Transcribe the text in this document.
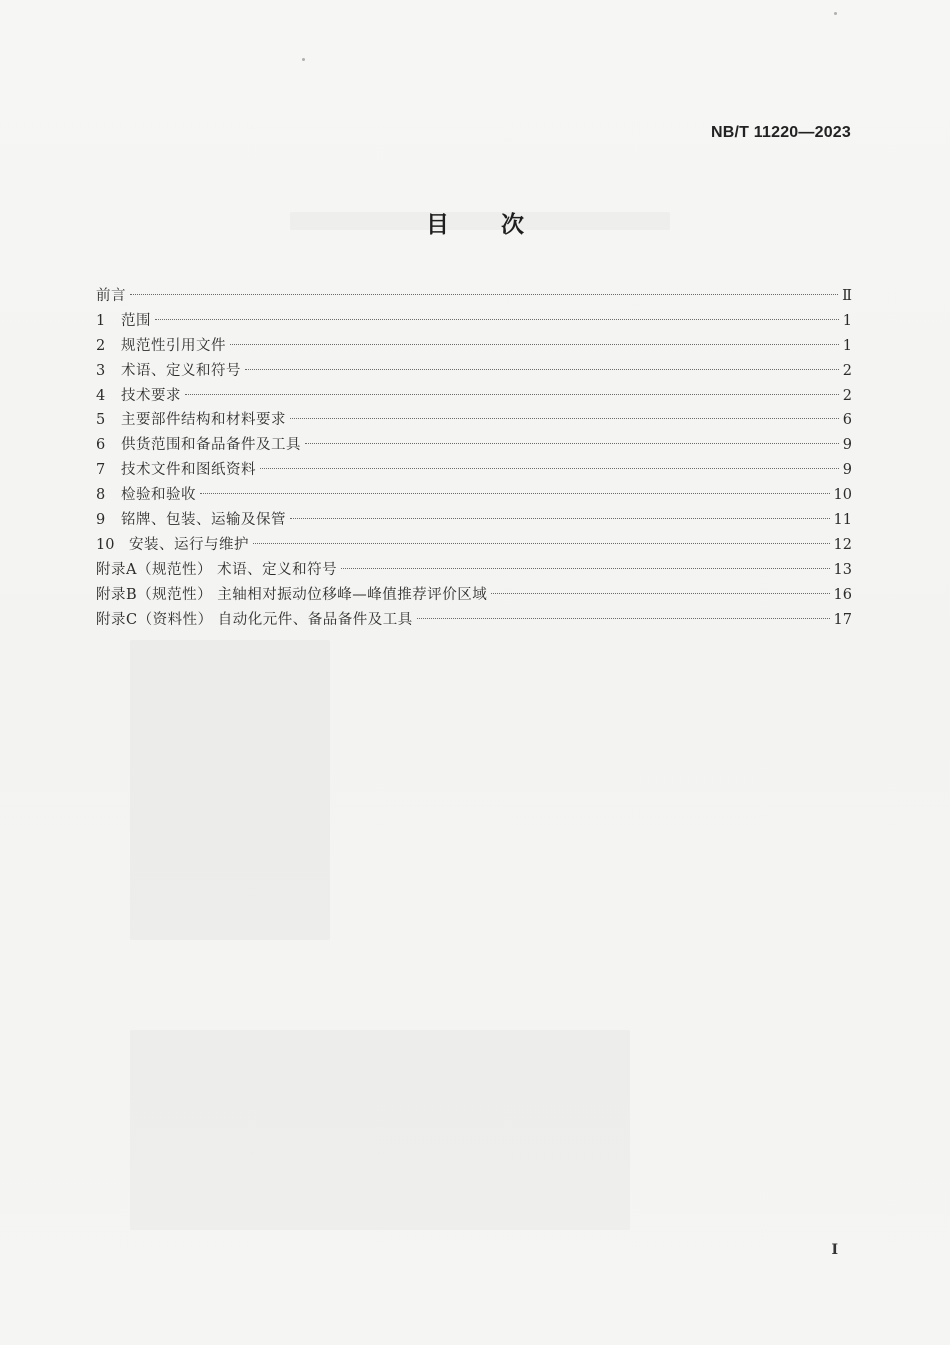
NB/T 11220—2023
目次
前言	Ⅱ
1	范围	1
2	规范性引用文件	1
3	术语、定义和符号	2
4	技术要求	2
5	主要部件结构和材料要求	6
6	供货范围和备品备件及工具	9
7	技术文件和图纸资料	9
8	检验和验收	10
9	铭牌、包装、运输及保管	11
10	安装、运行与维护	12
附录A（规范性） 术语、定义和符号	13
附录B（规范性） 主轴相对振动位移峰—峰值推荐评价区域	16
附录C（资料性） 自动化元件、备品备件及工具	17
I
